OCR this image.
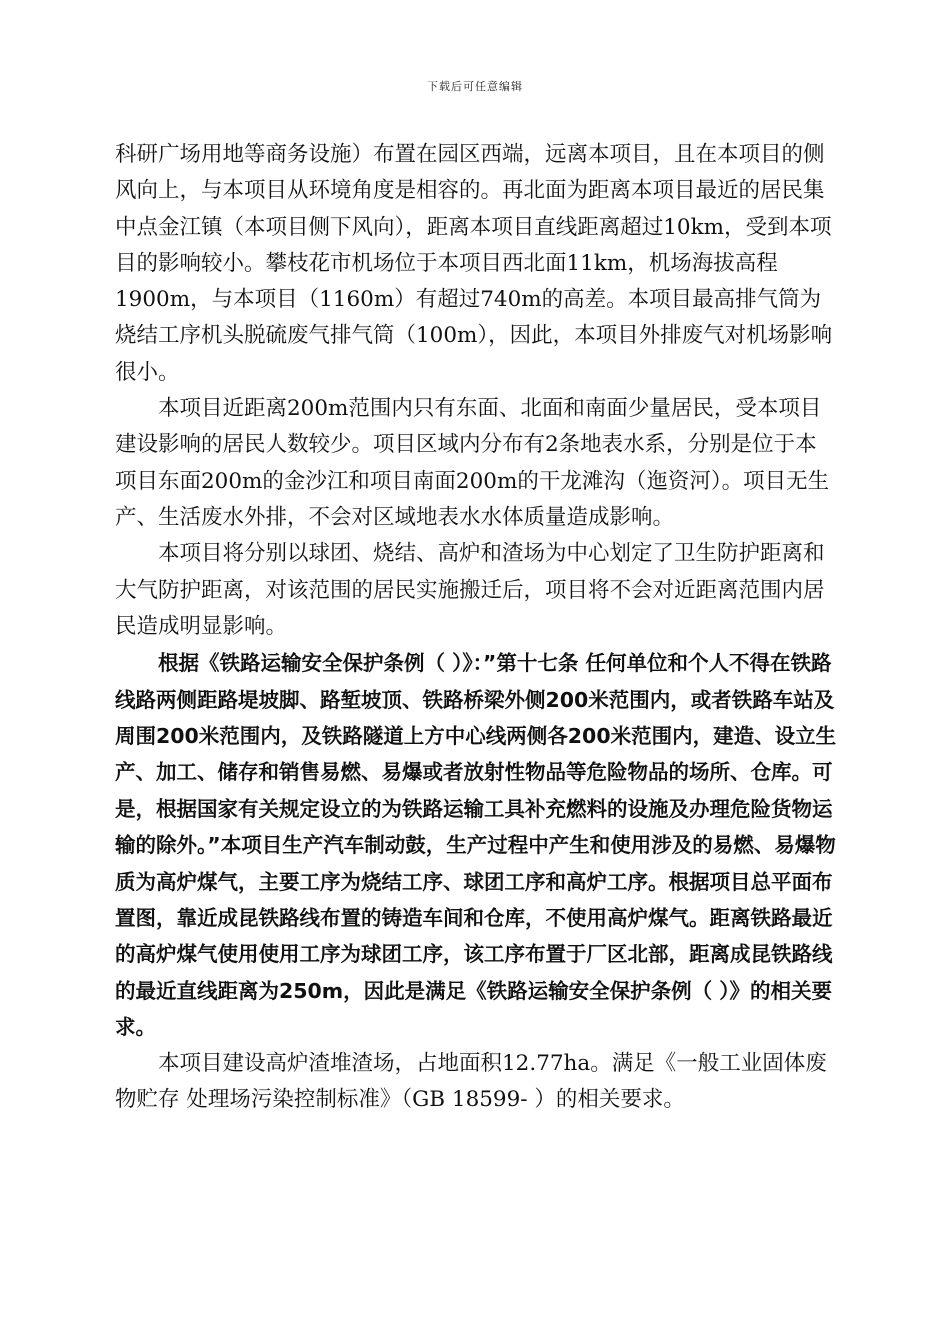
下载后可任意编辑

科研广场用地等商务设施）布置在园区西端，远离本项目，且在本项目的侧风向上，与本项目从环境角度是相容的。再北面为距离本项目最近的居民集中点金江镇（本项目侧下风向），距离本项目直线距离超过10km，受到本项目的影响较小。攀枝花市机场位于本项目西北面11km，机场海拔高程1900m，与本项目（1160m）有超过740m的高差。本项目最高排气筒为烧结工序机头脱硫废气排气筒（100m），因此，本项目外排废气对机场影响很小。

本项目近距离200m范围内只有东面、北面和南面少量居民，受本项目建设影响的居民人数较少。项目区域内分布有2条地表水系，分别是位于本项目东面200m的金沙江和项目南面200m的干龙滩沟（迤资河）。项目无生产、生活废水外排，不会对区域地表水水体质量造成影响。

本项目将分别以球团、烧结、高炉和渣场为中心划定了卫生防护距离和大气防护距离，对该范围的居民实施搬迁后，项目将不会对近距离范围内居民造成明显影响。

根据《铁路运输安全保护条例（ ）》：”第十七条 任何单位和个人不得在铁路线路两侧距路堤坡脚、路堑坡顶、铁路桥梁外侧200米范围内，或者铁路车站及周围200米范围内，及铁路隧道上方中心线两侧各200米范围内，建造、设立生产、加工、储存和销售易燃、易爆或者放射性物品等危险物品的场所、仓库。可是，根据国家有关规定设立的为铁路运输工具补充燃料的设施及办理危险货物运输的除外。”本项目生产汽车制动鼓，生产过程中产生和使用涉及的易燃、易爆物质为高炉煤气，主要工序为烧结工序、球团工序和高炉工序。根据项目总平面布置图，靠近成昆铁路线布置的铸造车间和仓库，不使用高炉煤气。距离铁路最近的高炉煤气使用使用工序为球团工序，该工序布置于厂区北部，距离成昆铁路线的最近直线距离为250m，因此是满足《铁路运输安全保护条例（ ）》的相关要求。

本项目建设高炉渣堆渣场，占地面积12.77ha。满足《一般工业固体废物贮存 处理场污染控制标准》（GB 18599- ）的相关要求。
